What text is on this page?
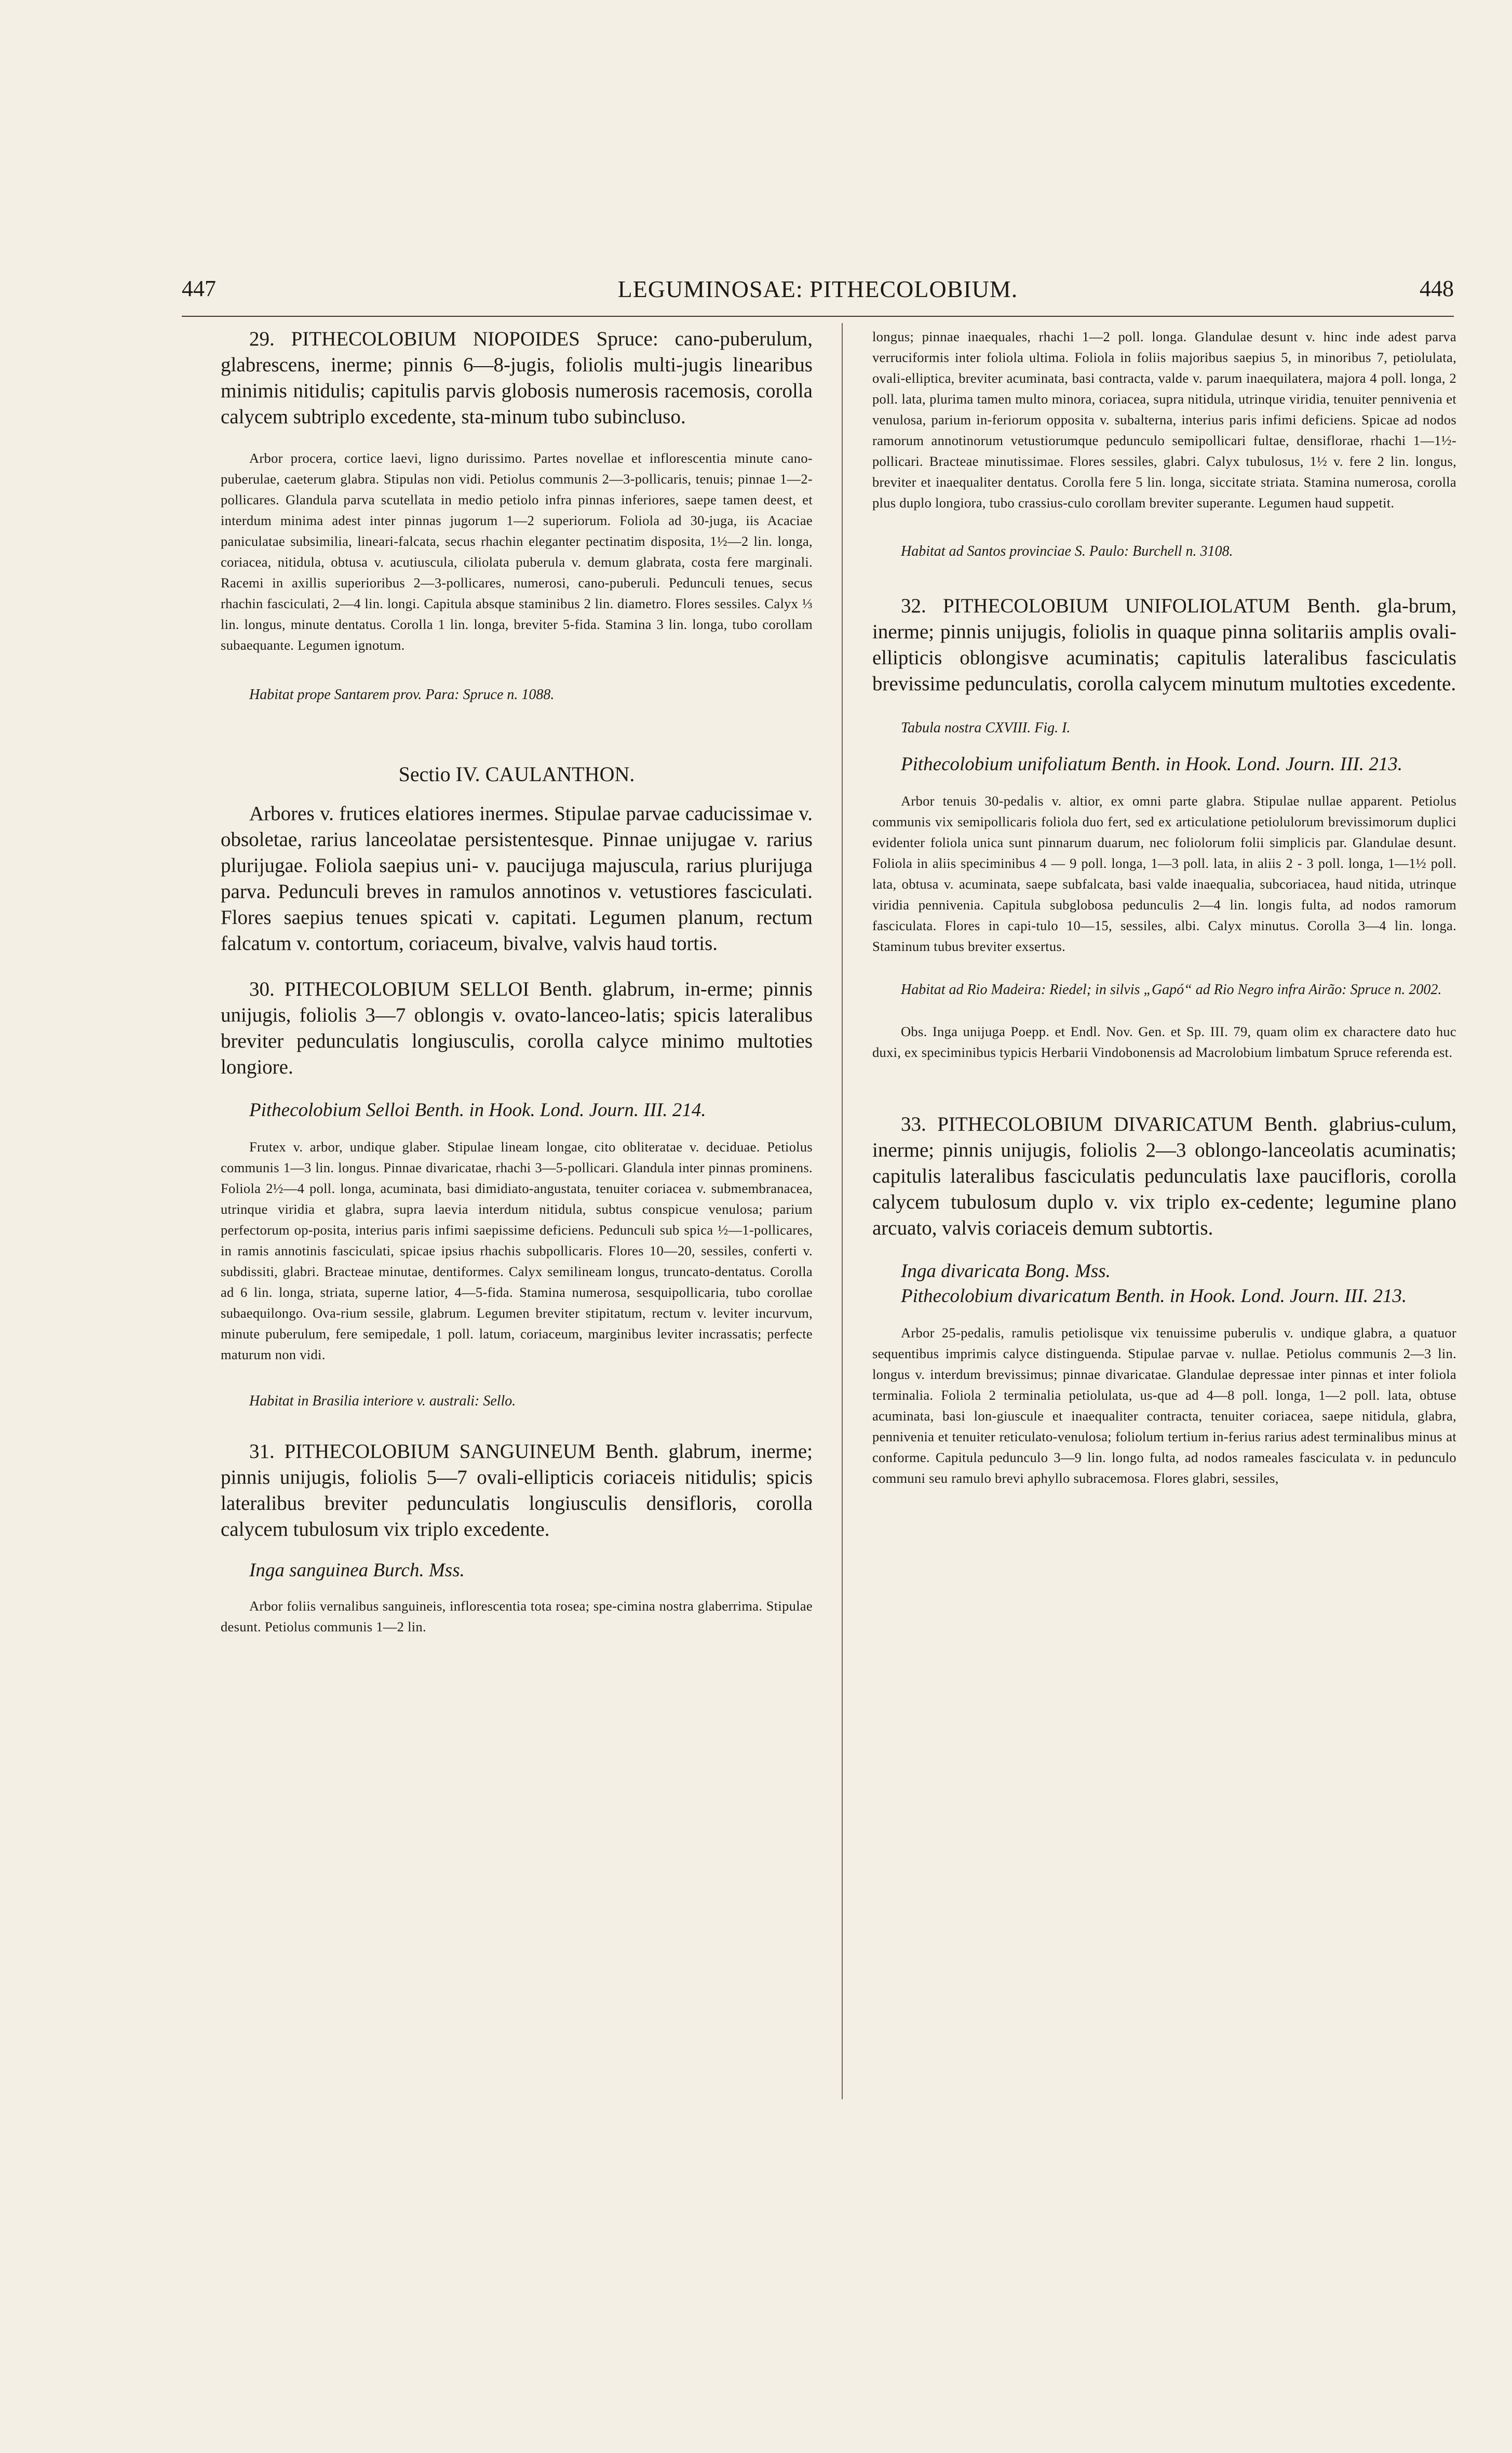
447	LEGUMINOSAE: PITHECOLOBIUM.	448

29. PITHECOLOBIUM NIOPOIDES Spruce: cano-puberulum, glabrescens, inerme; pinnis 6—8-jugis, foliolis multi-jugis linearibus minimis nitidulis; capitulis parvis globosis numerosis racemosis, corolla calycem subtriplo excedente, sta-minum tubo subincluso.

Arbor procera, cortice laevi, ligno durissimo. Partes novellae et inflorescentia minute cano-puberulae, caeterum glabra. Stipulas non vidi. Petiolus communis 2—3-pollicaris, tenuis; pinnae 1—2-pollicares. Glandula parva scutellata in medio petiolo infra pinnas inferiores, saepe tamen deest, et interdum minima adest inter pinnas jugorum 1—2 superiorum. Foliola ad 30-juga, iis Acaciae paniculatae subsimilia, lineari-falcata, secus rhachin eleganter pectinatim disposita, 1½—2 lin. longa, coriacea, nitidula, obtusa v. acutiuscula, ciliolata puberula v. demum glabrata, costa fere marginali. Racemi in axillis superioribus 2—3-pollicares, numerosi, cano-puberuli. Pedunculi tenues, secus rhachin fasciculati, 2—4 lin. longi. Capitula absque staminibus 2 lin. diametro. Flores sessiles. Calyx ⅓ lin. longus, minute dentatus. Corolla 1 lin. longa, breviter 5-fida. Stamina 3 lin. longa, tubo corollam subaequante. Legumen ignotum.

Habitat prope Santarem prov. Para: Spruce n. 1088.

Sectio IV. CAULANTHON.

Arbores v. frutices elatiores inermes. Stipulae parvae caducissimae v. obsoletae, rarius lanceolatae persistentesque. Pinnae unijugae v. rarius plurijugae. Foliola saepius uni- v. paucijuga majuscula, rarius plurijuga parva. Pedunculi breves in ramulos annotinos v. vetustiores fasciculati. Flores saepius tenues spicati v. capitati. Legumen planum, rectum falcatum v. contortum, coriaceum, bivalve, valvis haud tortis.

30. PITHECOLOBIUM SELLOI Benth. glabrum, in-erme; pinnis unijugis, foliolis 3—7 oblongis v. ovato-lanceo-latis; spicis lateralibus breviter pedunculatis longiusculis, corolla calyce minimo multoties longiore.

Pithecolobium Selloi Benth. in Hook. Lond. Journ. III. 214.

Frutex v. arbor, undique glaber. Stipulae lineam longae, cito obliteratae v. deciduae. Petiolus communis 1—3 lin. longus. Pinnae divaricatae, rhachi 3—5-pollicari. Glandula inter pinnas prominens. Foliola 2½—4 poll. longa, acuminata, basi dimidiato-angustata, tenuiter coriacea v. submembranacea, utrinque viridia et glabra, supra laevia interdum nitidula, subtus conspicue venulosa; parium perfectorum op-posita, interius paris infimi saepissime deficiens. Pedunculi sub spica ½—1-pollicares, in ramis annotinis fasciculati, spicae ipsius rhachis subpollicaris. Flores 10—20, sessiles, conferti v. subdissiti, glabri. Bracteae minutae, dentiformes. Calyx semilineam longus, truncato-dentatus. Corolla ad 6 lin. longa, striata, superne latior, 4—5-fida. Stamina numerosa, sesquipollicaria, tubo corollae subaequilongo. Ova-rium sessile, glabrum. Legumen breviter stipitatum, rectum v. leviter incurvum, minute puberulum, fere semipedale, 1 poll. latum, coriaceum, marginibus leviter incrassatis; perfecte maturum non vidi.

Habitat in Brasilia interiore v. australi: Sello.

31. PITHECOLOBIUM SANGUINEUM Benth. glabrum, inerme; pinnis unijugis, foliolis 5—7 ovali-ellipticis coriaceis nitidulis; spicis lateralibus breviter pedunculatis longiusculis densifloris, corolla calycem tubulosum vix triplo excedente.

Inga sanguinea Burch. Mss.

Arbor foliis vernalibus sanguineis, inflorescentia tota rosea; spe-cimina nostra glaberrima. Stipulae desunt. Petiolus communis 1—2 lin.

longus; pinnae inaequales, rhachi 1—2 poll. longa. Glandulae desunt v. hinc inde adest parva verruciformis inter foliola ultima. Foliola in foliis majoribus saepius 5, in minoribus 7, petiolulata, ovali-elliptica, breviter acuminata, basi contracta, valde v. parum inaequilatera, majora 4 poll. longa, 2 poll. lata, plurima tamen multo minora, coriacea, supra nitidula, utrinque viridia, tenuiter pennivenia et venulosa, parium in-feriorum opposita v. subalterna, interius paris infimi deficiens. Spicae ad nodos ramorum annotinorum vetustiorumque pedunculo semipollicari fultae, densiflorae, rhachi 1—1½-pollicari. Bracteae minutissimae. Flores sessiles, glabri. Calyx tubulosus, 1½ v. fere 2 lin. longus, breviter et inaequaliter dentatus. Corolla fere 5 lin. longa, siccitate striata. Stamina numerosa, corolla plus duplo longiora, tubo crassius-culo corollam breviter superante. Legumen haud suppetit.

Habitat ad Santos provinciae S. Paulo: Burchell n. 3108.

32. PITHECOLOBIUM UNIFOLIOLATUM Benth. gla-brum, inerme; pinnis unijugis, foliolis in quaque pinna solitariis amplis ovali-ellipticis oblongisve acuminatis; capitulis lateralibus fasciculatis brevissime pedunculatis, corolla calycem minutum multoties excedente.

Tabula nostra CXVIII. Fig. I.

Pithecolobium unifoliatum Benth. in Hook. Lond. Journ. III. 213.

Arbor tenuis 30-pedalis v. altior, ex omni parte glabra. Stipulae nullae apparent. Petiolus communis vix semipollicaris foliola duo fert, sed ex articulatione petiolulorum brevissimorum duplici evidenter foliola unica sunt pinnarum duarum, nec foliolorum folii simplicis par. Glandulae desunt. Foliola in aliis speciminibus 4 — 9 poll. longa, 1—3 poll. lata, in aliis 2 - 3 poll. longa, 1—1½ poll. lata, obtusa v. acuminata, saepe subfalcata, basi valde inaequalia, subcoriacea, haud nitida, utrinque viridia pennivenia. Capitula subglobosa pedunculis 2—4 lin. longis fulta, ad nodos ramorum fasciculata. Flores in capi-tulo 10—15, sessiles, albi. Calyx minutus. Corolla 3—4 lin. longa. Staminum tubus breviter exsertus.

Habitat ad Rio Madeira: Riedel; in silvis „Gapó“ ad Rio Negro infra Airão: Spruce n. 2002.

Obs. Inga unijuga Poepp. et Endl. Nov. Gen. et Sp. III. 79, quam olim ex charactere dato huc duxi, ex speciminibus typicis Herbarii Vindobonensis ad Macrolobium limbatum Spruce referenda est.

33. PITHECOLOBIUM DIVARICATUM Benth. glabrius-culum, inerme; pinnis unijugis, foliolis 2—3 oblongo-lanceolatis acuminatis; capitulis lateralibus fasciculatis pedunculatis laxe paucifloris, corolla calycem tubulosum duplo v. vix triplo ex-cedente; legumine plano arcuato, valvis coriaceis demum subtortis.

Inga divaricata Bong. Mss.

Pithecolobium divaricatum Benth. in Hook. Lond. Journ. III. 213.

Arbor 25-pedalis, ramulis petiolisque vix tenuissime puberulis v. undique glabra, a quatuor sequentibus imprimis calyce distinguenda. Stipulae parvae v. nullae. Petiolus communis 2—3 lin. longus v. interdum brevissimus; pinnae divaricatae. Glandulae depressae inter pinnas et inter foliola terminalia. Foliola 2 terminalia petiolulata, us-que ad 4—8 poll. longa, 1—2 poll. lata, obtuse acuminata, basi lon-giuscule et inaequaliter contracta, tenuiter coriacea, saepe nitidula, glabra, pennivenia et tenuiter reticulato-venulosa; foliolum tertium in-ferius rarius adest terminalibus minus at conforme. Capitula pedunculo 3—9 lin. longo fulta, ad nodos rameales fasciculata v. in pedunculo communi seu ramulo brevi aphyllo subracemosa. Flores glabri, sessiles,
